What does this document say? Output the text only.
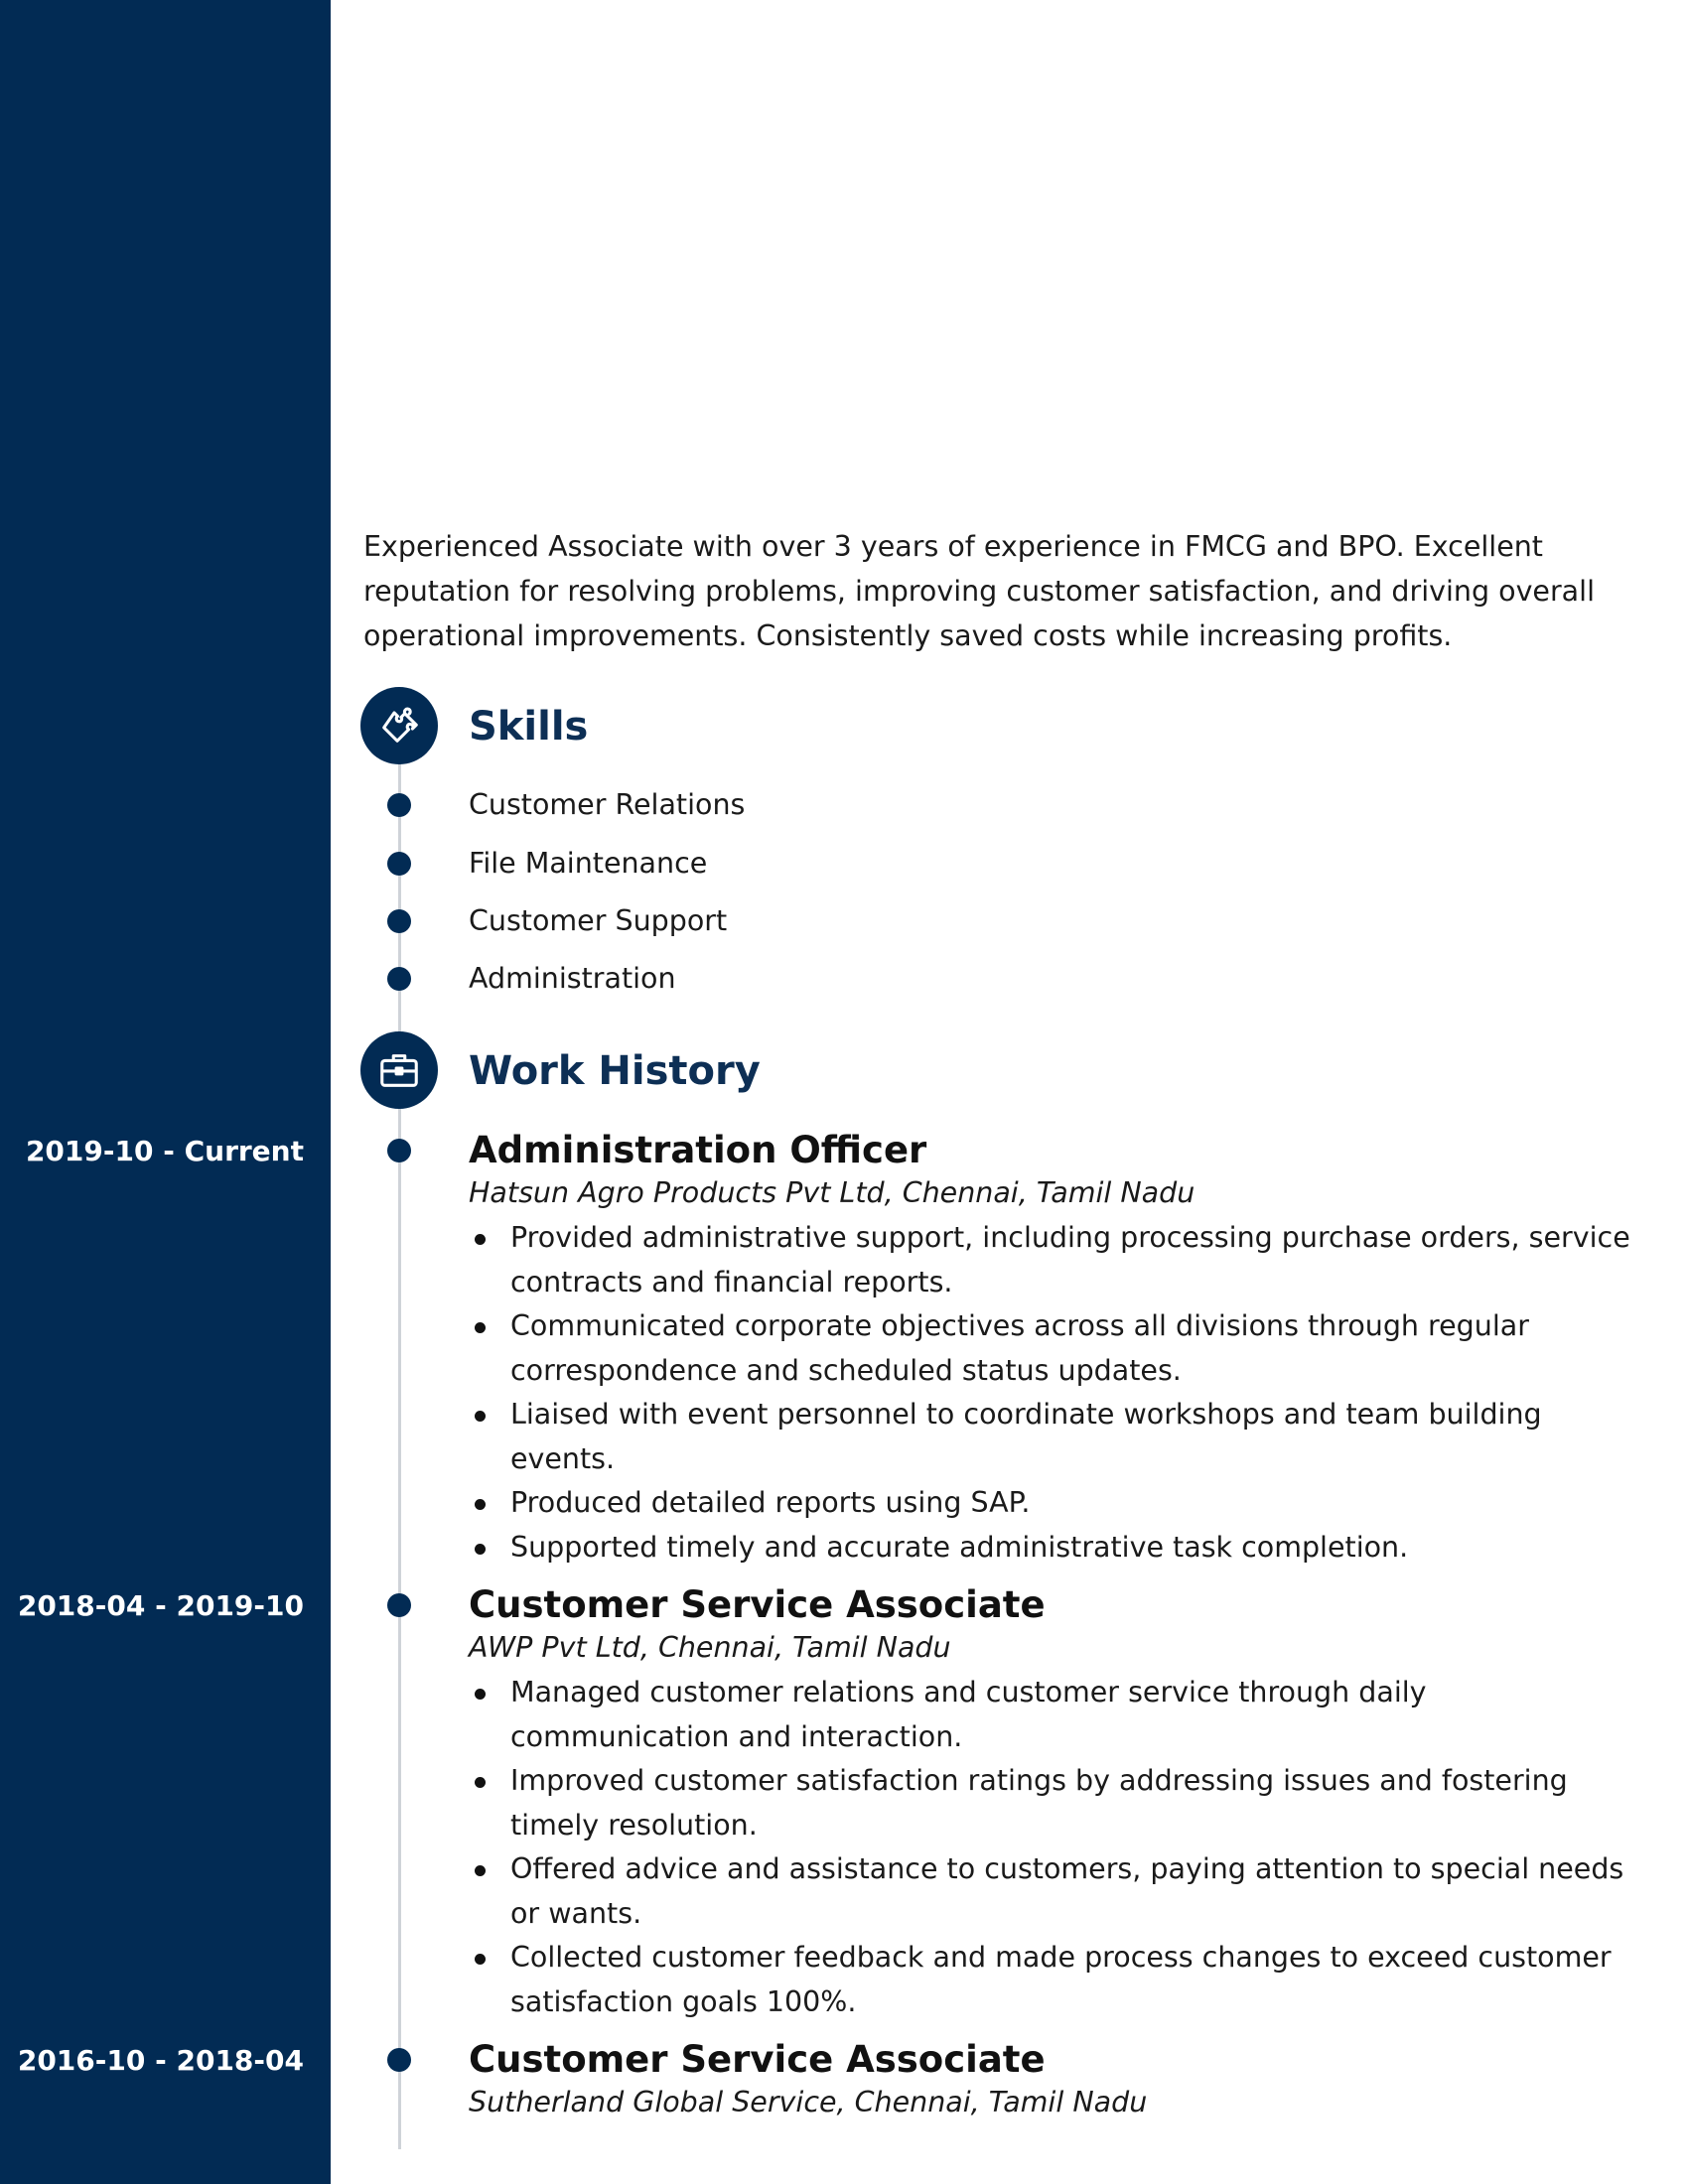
Experienced Associate with over 3 years of experience in FMCG and BPO. Excellent reputation for resolving problems, improving customer satisfaction, and driving overall operational improvements. Consistently saved costs while increasing profits.
Skills
Customer Relations
File Maintenance
Customer Support
Administration
Work History
2019-10 - Current	Administration Officer
Hatsun Agro Products Pvt Ltd, Chennai, Tamil Nadu
Provided administrative support, including processing purchase orders, service contracts and financial reports.
Communicated corporate objectives across all divisions through regular correspondence and scheduled status updates.
Liaised with event personnel to coordinate workshops and team building events.
Produced detailed reports using SAP.
Supported timely and accurate administrative task completion.
2018-04 - 2019-10	Customer Service Associate
AWP Pvt Ltd, Chennai, Tamil Nadu
Managed customer relations and customer service through daily communication and interaction.
Improved customer satisfaction ratings by addressing issues and fostering timely resolution.
Offered advice and assistance to customers, paying attention to special needs or wants.
Collected customer feedback and made process changes to exceed customer satisfaction goals 100%.
2016-10 - 2018-04	Customer Service Associate
Sutherland Global Service, Chennai, Tamil Nadu
